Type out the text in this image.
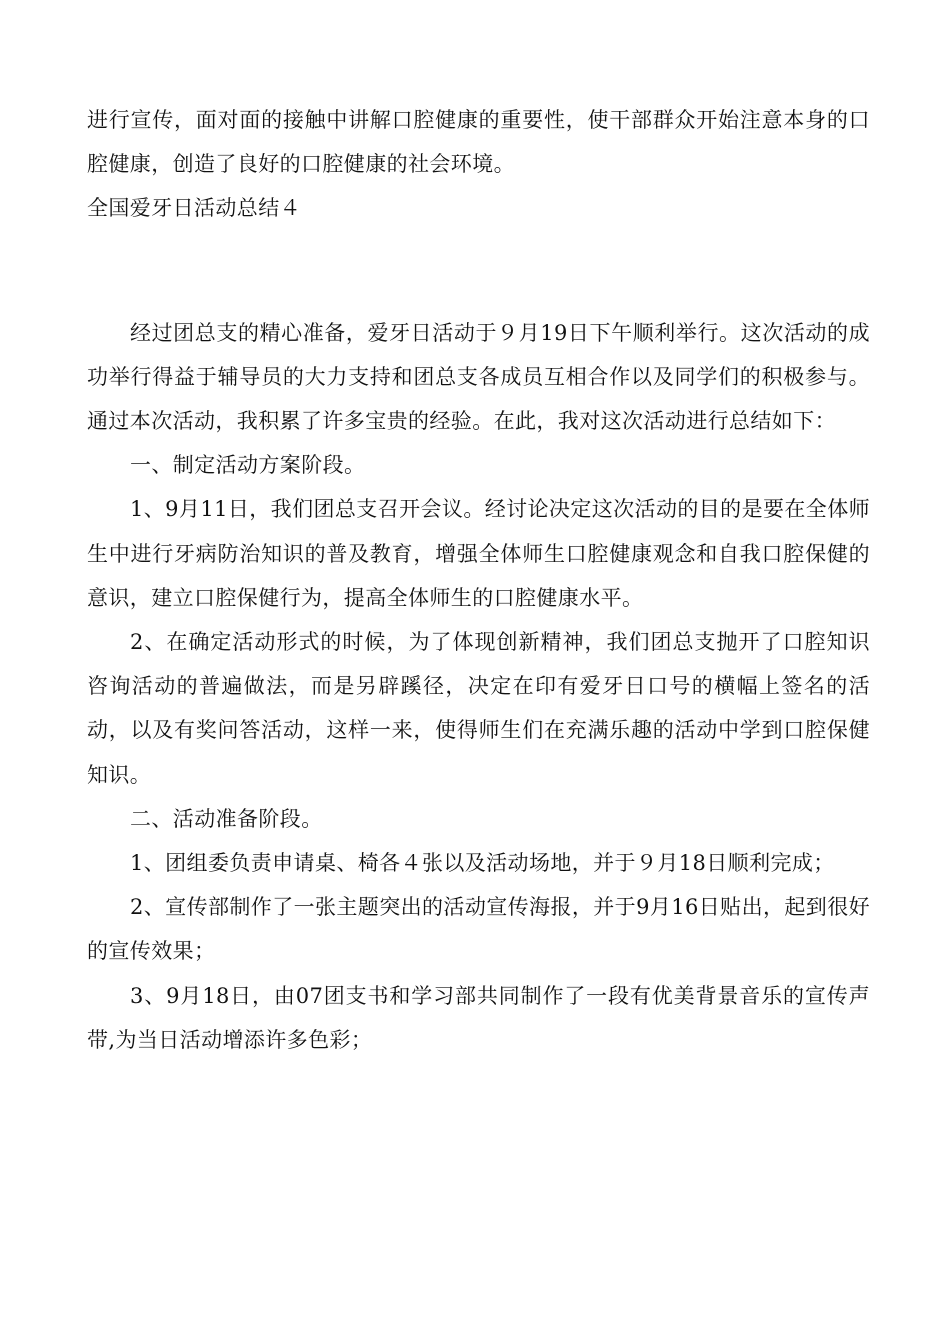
进行宣传，面对面的接触中讲解口腔健康的重要性，使干部群众开始注意本身的口腔健康，创造了良好的口腔健康的社会环境。

全国爱牙日活动总结４

经过团总支的精心准备，爱牙日活动于９月19日下午顺利举行。这次活动的成功举行得益于辅导员的大力支持和团总支各成员互相合作以及同学们的积极参与。通过本次活动，我积累了许多宝贵的经验。在此，我对这次活动进行总结如下：

一、制定活动方案阶段。

1、9月11日，我们团总支召开会议。经讨论决定这次活动的目的是要在全体师生中进行牙病防治知识的普及教育，增强全体师生口腔健康观念和自我口腔保健的意识，建立口腔保健行为，提高全体师生的口腔健康水平。

2、在确定活动形式的时候，为了体现创新精神，我们团总支抛开了口腔知识咨询活动的普遍做法，而是另辟蹊径，决定在印有爱牙日口号的横幅上签名的活动，以及有奖问答活动，这样一来，使得师生们在充满乐趣的活动中学到口腔保健知识。

二、活动准备阶段。

1、团组委负责申请桌、椅各４张以及活动场地，并于９月18日顺利完成；

2、宣传部制作了一张主题突出的活动宣传海报，并于9月16日贴出，起到很好的宣传效果；

3、9月18日，由07团支书和学习部共同制作了一段有优美背景音乐的宣传声带,为当日活动增添许多色彩；
